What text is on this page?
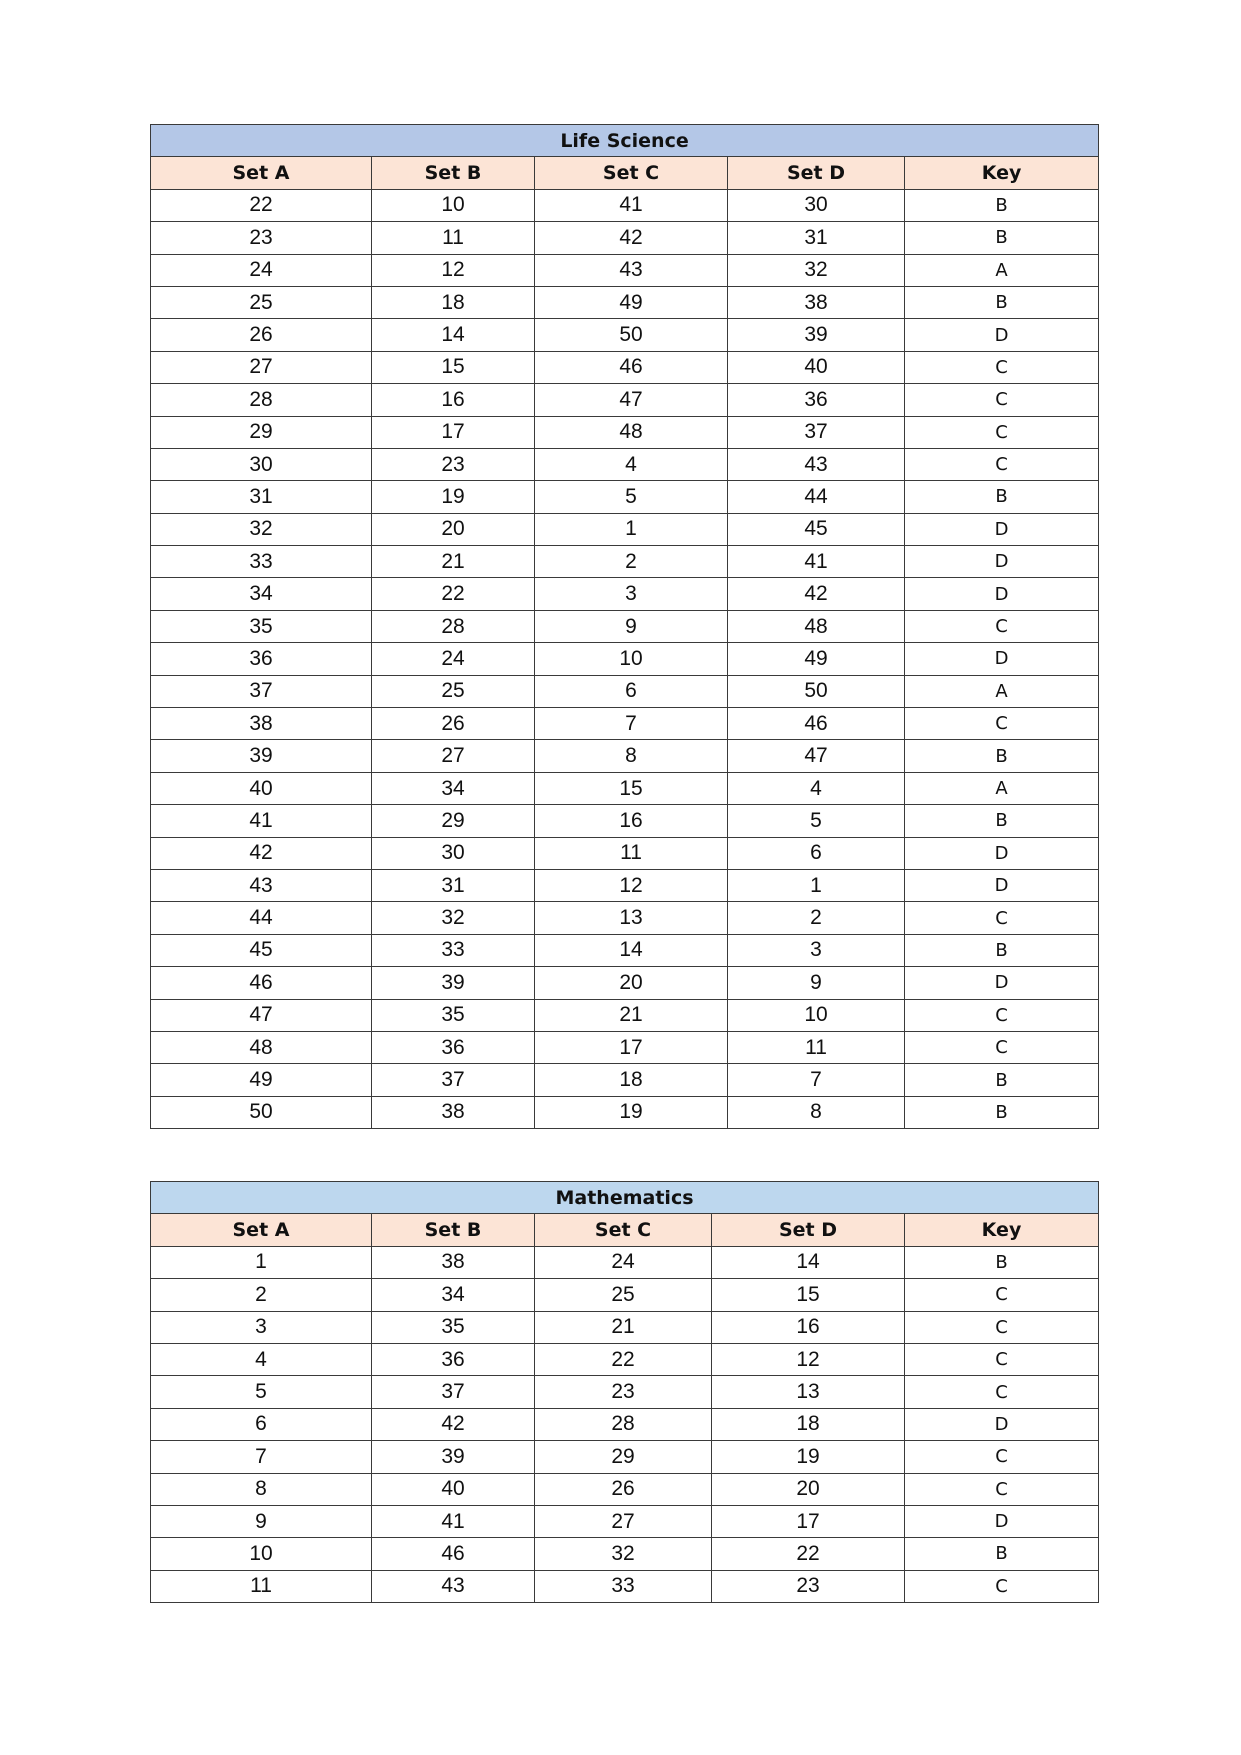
Life Science				
Set A	Set B	Set C	Set D	Key
22	10	41	30	B
23	11	42	31	B
24	12	43	32	A
25	18	49	38	B
26	14	50	39	D
27	15	46	40	C
28	16	47	36	C
29	17	48	37	C
30	23	4	43	C
31	19	5	44	B
32	20	1	45	D
33	21	2	41	D
34	22	3	42	D
35	28	9	48	C
36	24	10	49	D
37	25	6	50	A
38	26	7	46	C
39	27	8	47	B
40	34	15	4	A
41	29	16	5	B
42	30	11	6	D
43	31	12	1	D
44	32	13	2	C
45	33	14	3	B
46	39	20	9	D
47	35	21	10	C
48	36	17	11	C
49	37	18	7	B
50	38	19	8	B
Mathematics				
Set A	Set B	Set C	Set D	Key
1	38	24	14	B
2	34	25	15	C
3	35	21	16	C
4	36	22	12	C
5	37	23	13	C
6	42	28	18	D
7	39	29	19	C
8	40	26	20	C
9	41	27	17	D
10	46	32	22	B
11	43	33	23	C
